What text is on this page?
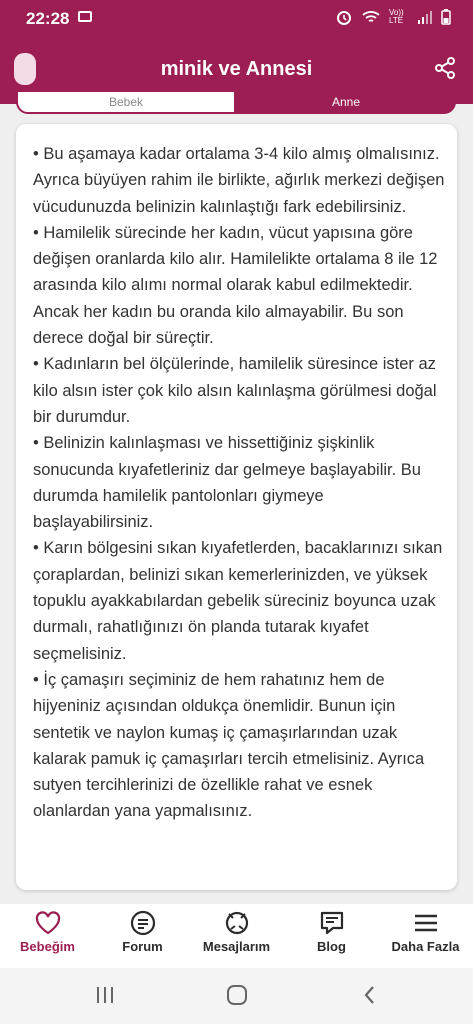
22:28	Vo)) LTE
minik ve Annesi
Bebek	Anne

• Bu aşamaya kadar ortalama 3-4 kilo almış olmalısınız. Ayrıca büyüyen rahim ile birlikte, ağırlık merkezi değişen vücudunuzda belinizin kalınlaştığı fark edebilirsiniz.

• Hamilelik sürecinde her kadın, vücut yapısına göre değişen oranlarda kilo alır. Hamilelikte ortalama 8 ile 12 arasında kilo alımı normal olarak kabul edilmektedir. Ancak her kadın bu oranda kilo almayabilir. Bu son derece doğal bir süreçtir.

• Kadınların bel ölçülerinde, hamilelik süresince ister az kilo alsın ister çok kilo alsın kalınlaşma görülmesi doğal bir durumdur.

• Belinizin kalınlaşması ve hissettiğiniz şişkinlik sonucunda kıyafetleriniz dar gelmeye başlayabilir. Bu durumda hamilelik pantolonları giymeye başlayabilirsiniz.

• Karın bölgesini sıkan kıyafetlerden, bacaklarınızı sıkan çoraplardan, belinizi sıkan kemerlerinizden, ve yüksek topuklu ayakkabılardan gebelik süreciniz boyunca uzak durmalı, rahatlığınızı ön planda tutarak kıyafet seçmelisiniz.

• İç çamaşırı seçiminiz de hem rahatınız hem de hijyeniniz açısından oldukça önemlidir. Bunun için sentetik ve naylon kumaş iç çamaşırlarından uzak kalarak pamuk iç çamaşırları tercih etmelisiniz. Ayrıca sutyen tercihlerinizi de özellikle rahat ve esnek olanlardan yana yapmalısınız.

Bebeğim	Forum	Mesajlarım	Blog	Daha Fazla
